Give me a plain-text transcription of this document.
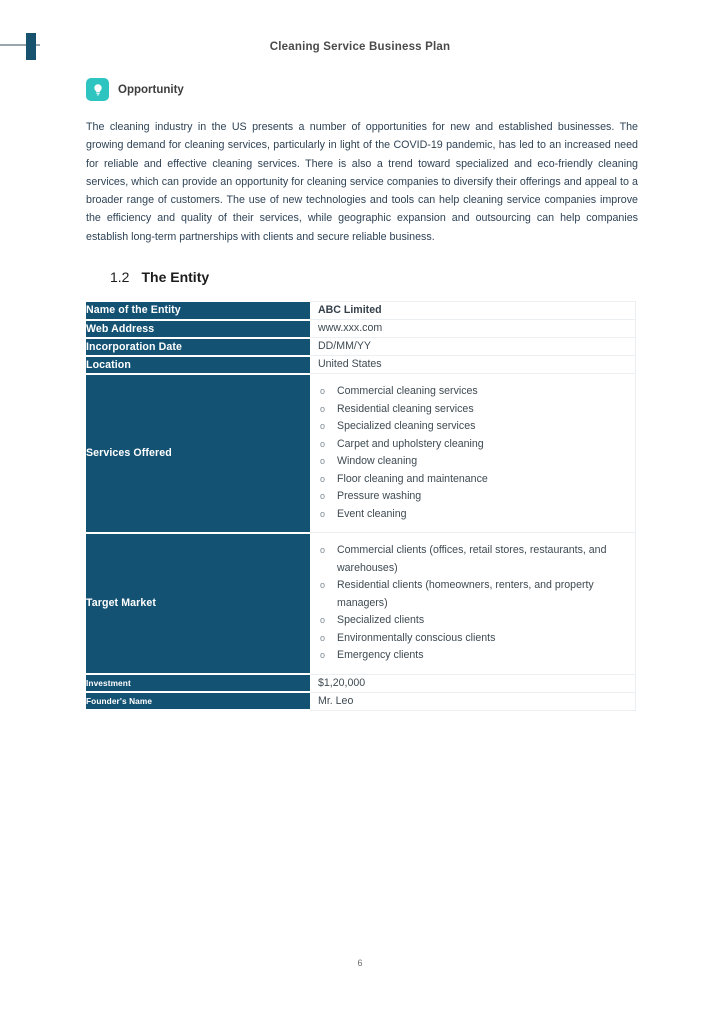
Cleaning Service Business Plan
Opportunity

The cleaning industry in the US presents a number of opportunities for new and established businesses. The growing demand for cleaning services, particularly in light of the COVID-19 pandemic, has led to an increased need for reliable and effective cleaning services. There is also a trend toward specialized and eco-friendly cleaning services, which can provide an opportunity for cleaning service companies to diversify their offerings and appeal to a broader range of customers. The use of new technologies and tools can help cleaning service companies improve the efficiency and quality of their services, while geographic expansion and outsourcing can help companies establish long-term partnerships with clients and secure reliable business.

1.2 The Entity
Name of the Entity		ABC Limited
Web Address		www.xxx.com
Incorporation Date		DD/MM/YY
Location		United States
Services Offered		
o Commercial cleaning services
o Residential cleaning services
o Specialized cleaning services
o Carpet and upholstery cleaning
o Window cleaning
o Floor cleaning and maintenance
o Pressure washing
o Event cleaning

Target Market		
o Commercial clients (offices, retail stores, restaurants, and warehouses)
o Residential clients (homeowners, renters, and property managers)
o Specialized clients
o Environmentally conscious clients
o Emergency clients

Investment		$1,20,000
Founder's Name		Mr. Leo
6
